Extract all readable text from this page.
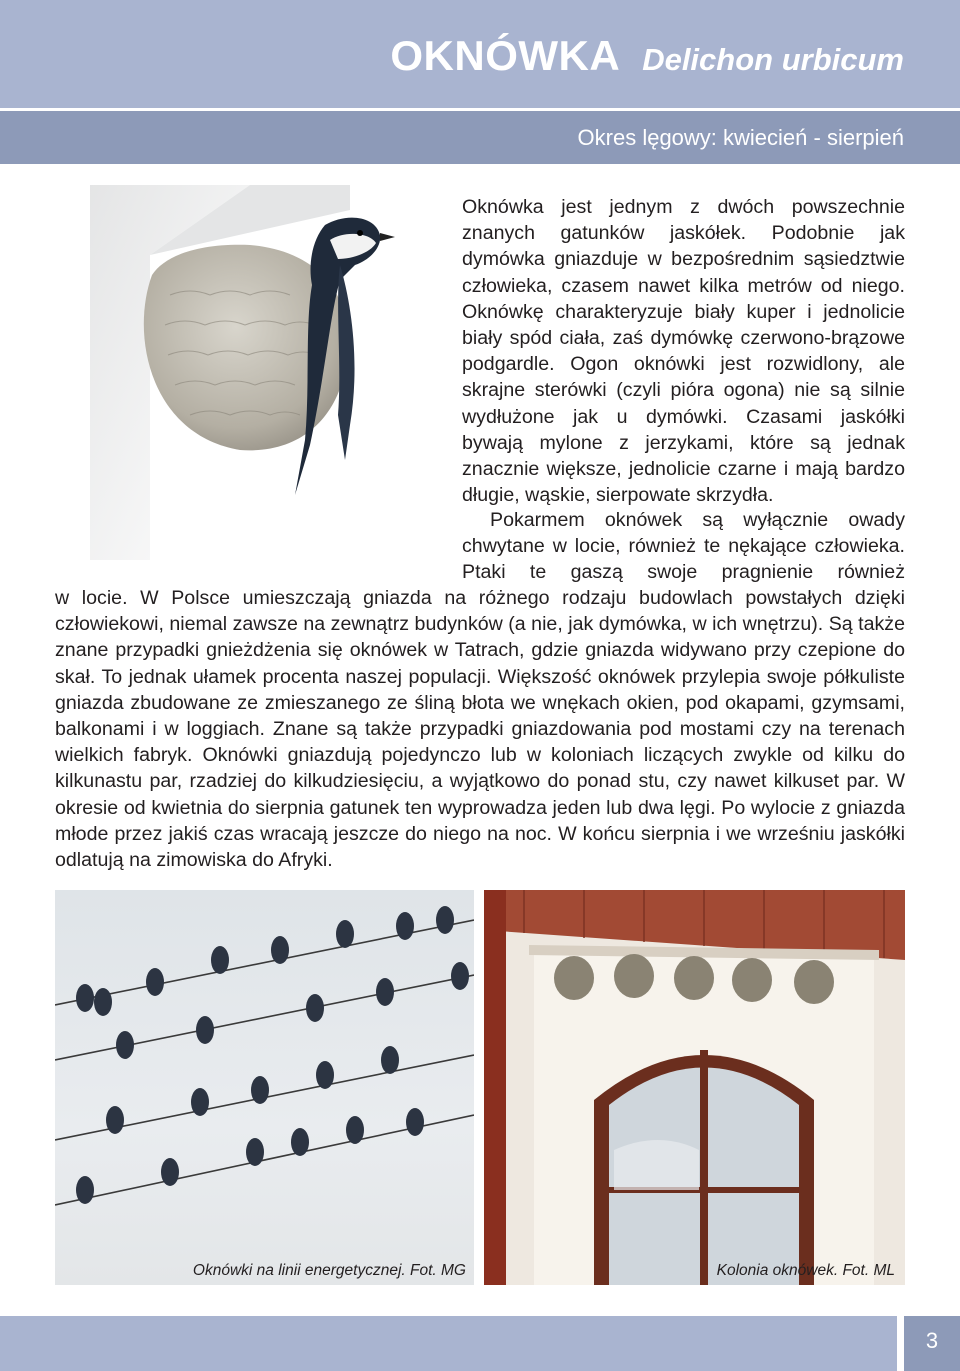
OKNÓWKA Delichon urbicum
Okres lęgowy: kwiecień - sierpień

Oknówka jest jednym z dwóch powszechnie znanych gatunków jaskółek. Podobnie jak dymówka gniazduje w bezpośrednim sąsiedztwie człowieka, czasem nawet kilka metrów od niego. Oknówkę charakteryzuje biały kuper i jednolicie biały spód ciała, zaś dymówkę czerwono-brązowe podgardle. Ogon oknówki jest rozwidlony, ale skrajne sterówki (czyli pióra ogona) nie są silnie wydłużone jak u dymówki. Czasami jaskółki bywają mylone z jerzykami, które są jednak znacznie większe, jednolicie czarne i mają bardzo długie, wąskie, sierpowate skrzydła.

Pokarmem oknówek są wyłącznie owady chwytane w locie, również te nękające człowieka. Ptaki te gaszą swoje pragnienie również

w locie. W Polsce umieszczają gniazda na różnego rodzaju budowlach powstałych dzięki człowiekowi, niemal zawsze na zewnątrz budynków (a nie, jak dymówka, w ich wnętrzu). Są także znane przypadki gnieżdżenia się oknówek w Tatrach, gdzie gniazda widywano przy czepione do skał. To jednak ułamek procenta naszej populacji. Większość oknówek przylepia swoje półkuliste gniazda zbudowane ze zmieszanego ze śliną błota we wnękach okien, pod okapami, gzymsami, balkonami i w loggiach. Znane są także przypadki gniazdowania pod mostami czy na terenach wielkich fabryk. Oknówki gniazdują pojedynczo lub w koloniach liczących zwykle od kilku do kilkunastu par, rzadziej do kilkudziesięciu, a wyjątkowo do ponad stu, czy nawet kilkuset par. W okresie od kwietnia do sierpnia gatunek ten wyprowadza jeden lub dwa lęgi. Po wylocie z gniazda młode przez jakiś czas wracają jeszcze do niego na noc. W końcu sierpnia i we wrześniu jaskółki odlatują na zimowiska do Afryki.

Oknówki na linii energetycznej. Fot. MG	Kolonia oknówek. Fot. ML
3
